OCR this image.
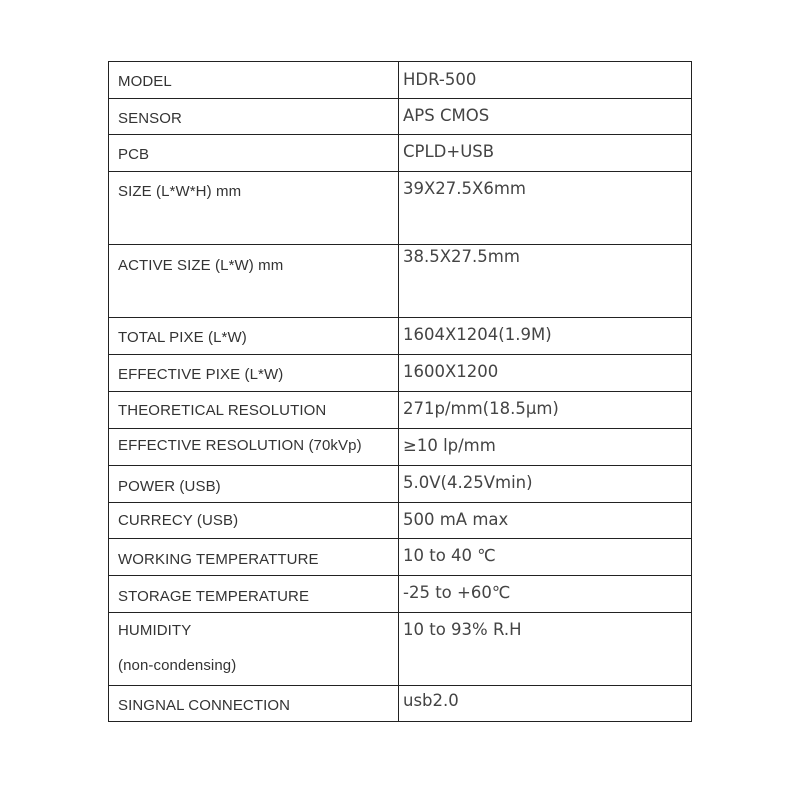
MODEL	HDR-500

SENSOR	APS CMOS

PCB	CPLD+USB

SIZE (L*W*H) mm	39X27.5X6mm

ACTIVE SIZE (L*W) mm	38.5X27.5mm

TOTAL PIXE (L*W)	1604X1204(1.9M)

EFFECTIVE PIXE (L*W)	1600X1200

THEORETICAL RESOLUTION	271p/mm(18.5μm)

EFFECTIVE RESOLUTION (70kVp)	≥10 lp/mm

POWER (USB)	5.0V(4.25Vmin)

CURRECY (USB)	500 mA max

WORKING TEMPERATTURE	10 to 40 ℃

STORAGE TEMPERATURE	-25 to +60℃

HUMIDITY
(non-condensing)	10 to 93% R.H

SINGNAL CONNECTION	usb2.0
